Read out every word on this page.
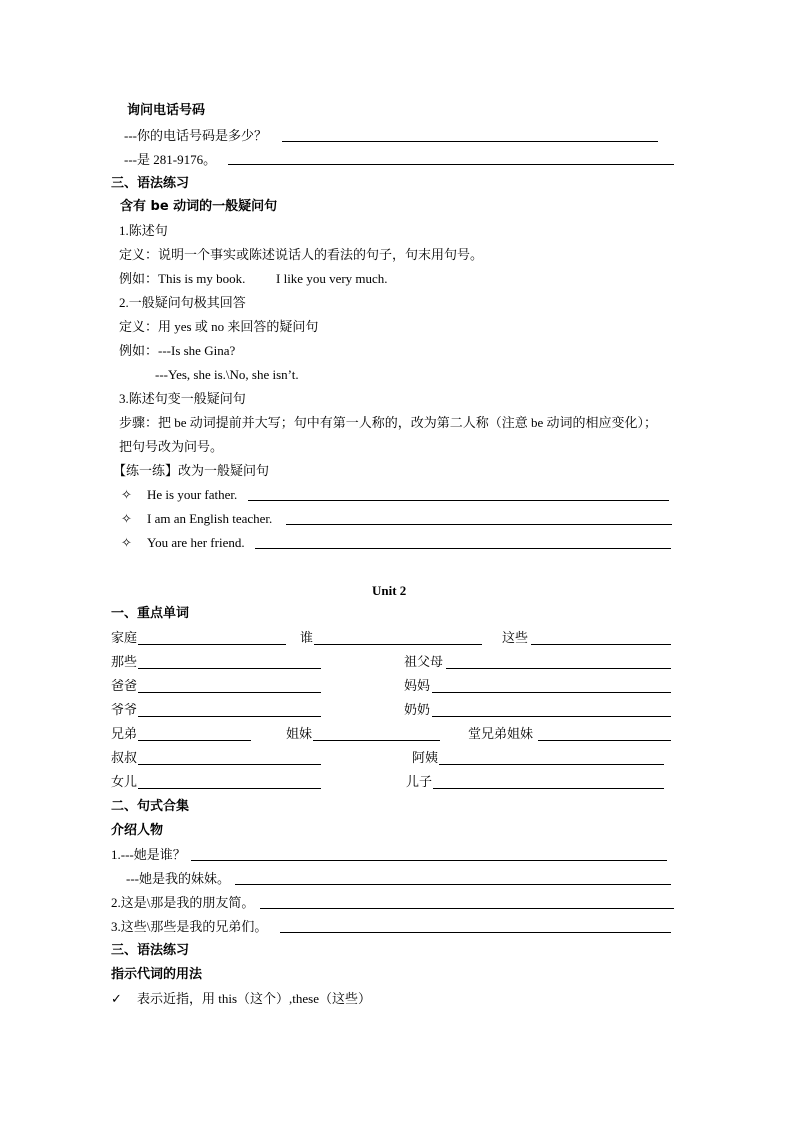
询问电话号码
---你的电话号码是多少？
---是 281-9176。
三、语法练习
含有 be 动词的一般疑问句
1.陈述句
定义：说明一个事实或陈述说话人的看法的句子，句末用句号。
例如：This is my book. I like you very much.
2.一般疑问句极其回答
定义：用 yes 或 no 来回答的疑问句
例如：---Is she Gina?
---Yes, she is.\No, she isn’t.
3.陈述句变一般疑问句
步骤：把 be 动词提前并大写；句中有第一人称的，改为第二人称（注意 be 动词的相应变化）；
把句号改为问号。
【练一练】改为一般疑问句
✧ He is your father.
✧ I am an English teacher.
✧ You are her friend.
Unit 2
一、重点单词
家庭	谁	这些
那些	祖父母
爸爸	妈妈
爷爷	奶奶
兄弟	姐妹	堂兄弟姐妹
叔叔	阿姨
女儿	儿子
二、句式合集
介绍人物
1.---她是谁？
---她是我的妹妹。
2.这是\那是我的朋友简。
3.这些\那些是我的兄弟们。
三、语法练习
指示代词的用法
✓ 表示近指，用 this（这个）,these（这些）
